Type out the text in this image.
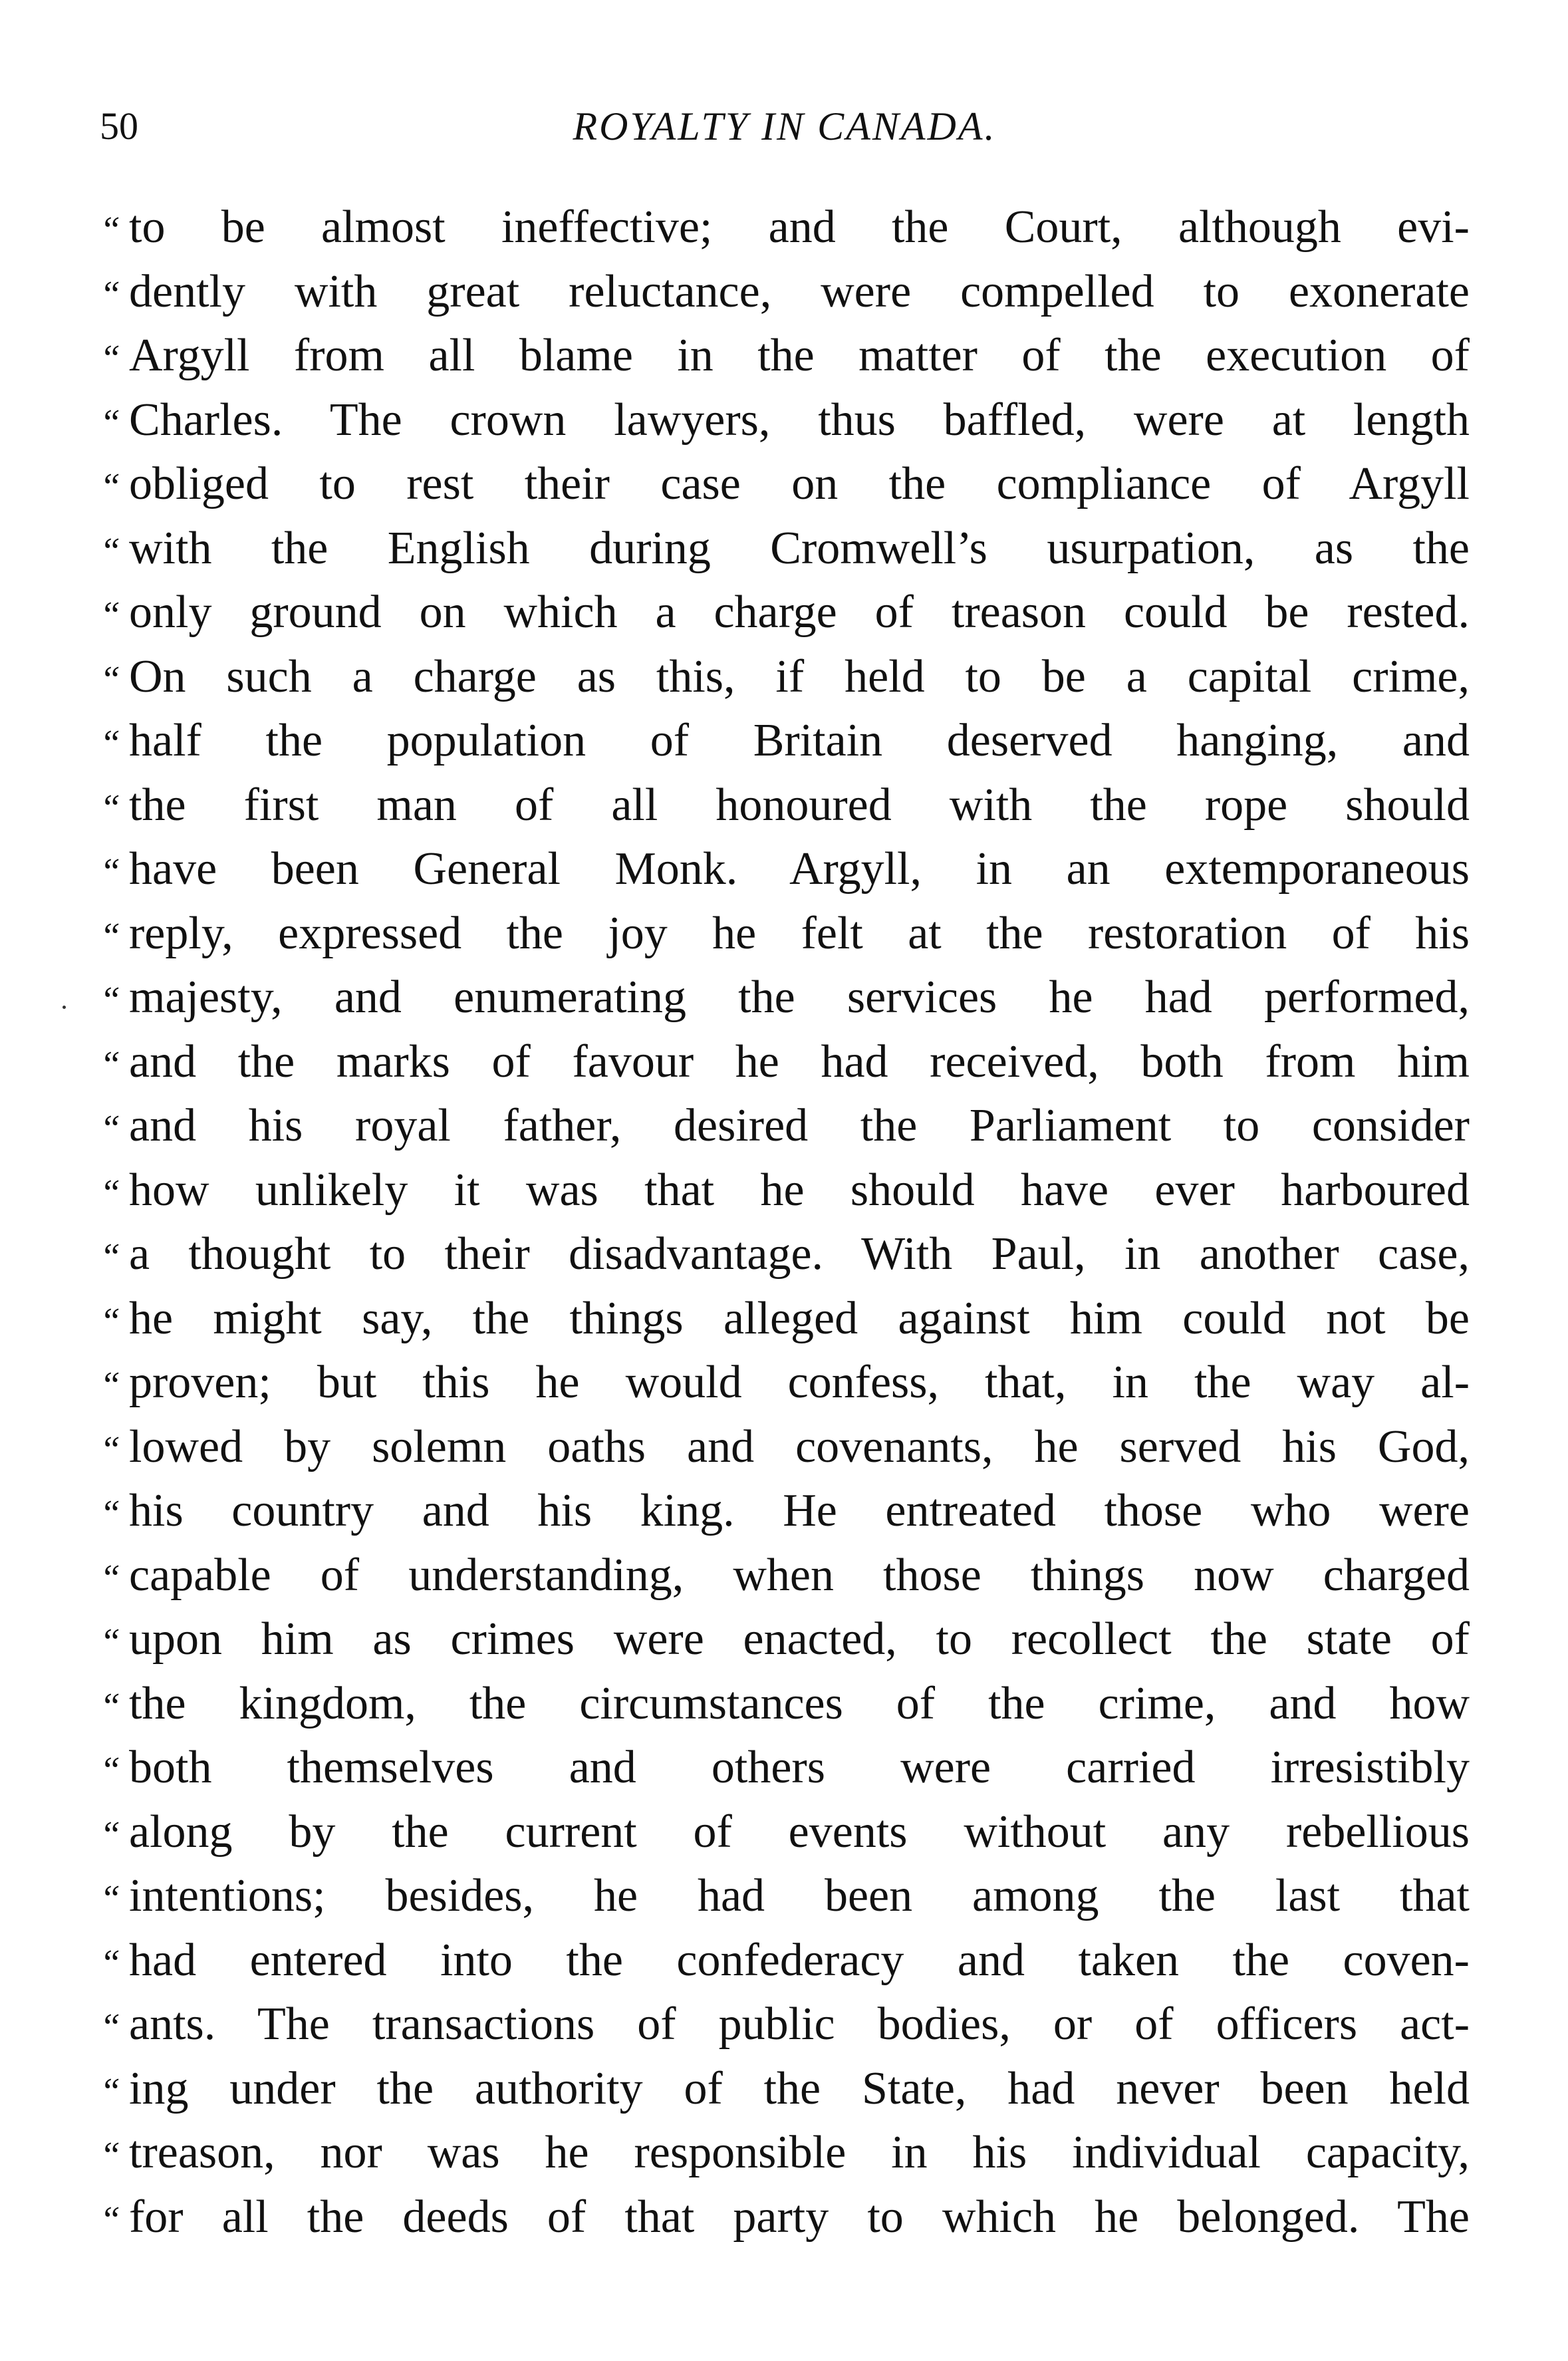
50	ROYALTY IN CANADA.
“ to be almost ineffective; and the Court, although evi-
“ dently with great reluctance, were compelled to exonerate
“ Argyll from all blame in the matter of the execution of
“ Charles. The crown lawyers, thus baffled, were at length
“ obliged to rest their case on the compliance of Argyll
“ with the English during Cromwell’s usurpation, as the
“ only ground on which a charge of treason could be rested.
“ On such a charge as this, if held to be a capital crime,
“ half the population of Britain deserved hanging, and
“ the first man of all honoured with the rope should
“ have been General Monk. Argyll, in an extemporaneous
“ reply, expressed the joy he felt at the restoration of his
“ majesty, and enumerating the services he had performed,
“ and the marks of favour he had received, both from him
“ and his royal father, desired the Parliament to consider
“ how unlikely it was that he should have ever harboured
“ a thought to their disadvantage. With Paul, in another case,
“ he might say, the things alleged against him could not be
“ proven; but this he would confess, that, in the way al-
“ lowed by solemn oaths and covenants, he served his God,
“ his country and his king. He entreated those who were
“ capable of understanding, when those things now charged
“ upon him as crimes were enacted, to recollect the state of
“ the kingdom, the circumstances of the crime, and how
“ both themselves and others were carried irresistibly
“ along by the current of events without any rebellious
“ intentions; besides, he had been among the last that
“ had entered into the confederacy and taken the coven-
“ ants. The transactions of public bodies, or of officers act-
“ ing under the authority of the State, had never been held
“ treason, nor was he responsible in his individual capacity,
“ for all the deeds of that party to which he belonged. The
